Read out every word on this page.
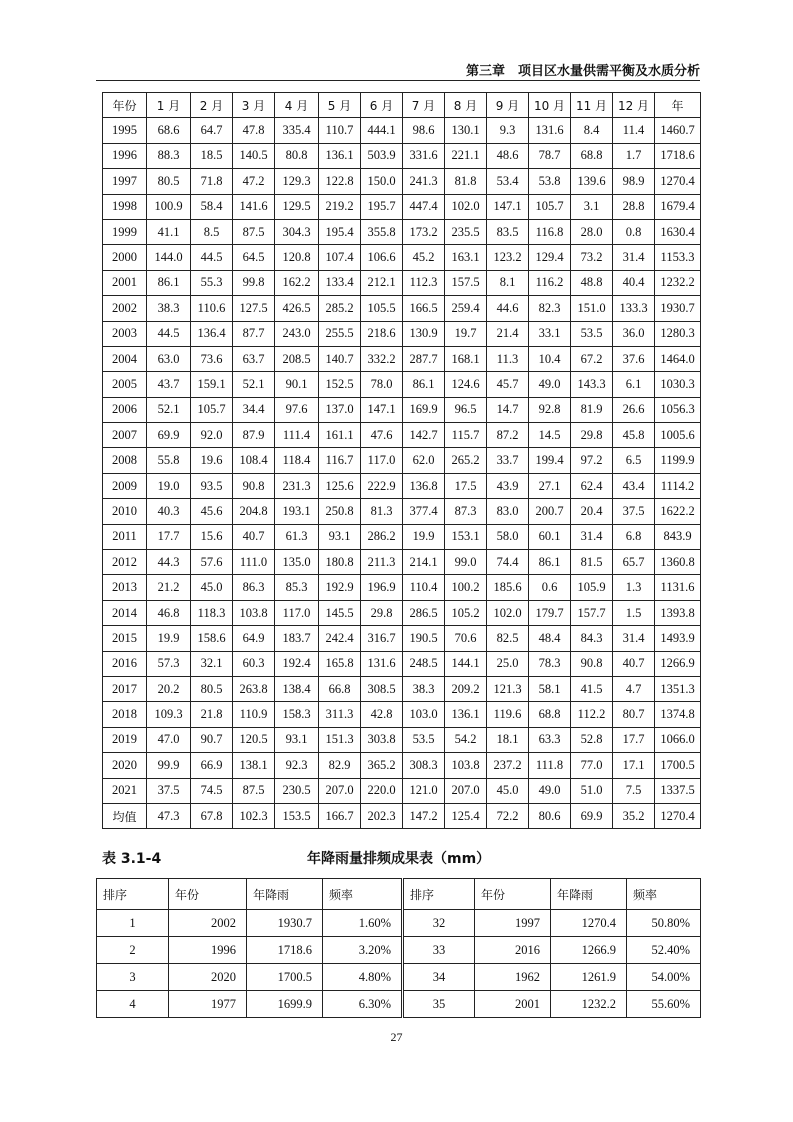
第三章　项目区水量供需平衡及水质分析
年份	1 月	2 月	3 月	4 月	5 月	6 月	7 月	8 月	9 月	10 月	11 月	12 月	年
1995	68.6	64.7	47.8	335.4	110.7	444.1	98.6	130.1	9.3	131.6	8.4	11.4	1460.7
1996	88.3	18.5	140.5	80.8	136.1	503.9	331.6	221.1	48.6	78.7	68.8	1.7	1718.6
1997	80.5	71.8	47.2	129.3	122.8	150.0	241.3	81.8	53.4	53.8	139.6	98.9	1270.4
1998	100.9	58.4	141.6	129.5	219.2	195.7	447.4	102.0	147.1	105.7	3.1	28.8	1679.4
1999	41.1	8.5	87.5	304.3	195.4	355.8	173.2	235.5	83.5	116.8	28.0	0.8	1630.4
2000	144.0	44.5	64.5	120.8	107.4	106.6	45.2	163.1	123.2	129.4	73.2	31.4	1153.3
2001	86.1	55.3	99.8	162.2	133.4	212.1	112.3	157.5	8.1	116.2	48.8	40.4	1232.2
2002	38.3	110.6	127.5	426.5	285.2	105.5	166.5	259.4	44.6	82.3	151.0	133.3	1930.7
2003	44.5	136.4	87.7	243.0	255.5	218.6	130.9	19.7	21.4	33.1	53.5	36.0	1280.3
2004	63.0	73.6	63.7	208.5	140.7	332.2	287.7	168.1	11.3	10.4	67.2	37.6	1464.0
2005	43.7	159.1	52.1	90.1	152.5	78.0	86.1	124.6	45.7	49.0	143.3	6.1	1030.3
2006	52.1	105.7	34.4	97.6	137.0	147.1	169.9	96.5	14.7	92.8	81.9	26.6	1056.3
2007	69.9	92.0	87.9	111.4	161.1	47.6	142.7	115.7	87.2	14.5	29.8	45.8	1005.6
2008	55.8	19.6	108.4	118.4	116.7	117.0	62.0	265.2	33.7	199.4	97.2	6.5	1199.9
2009	19.0	93.5	90.8	231.3	125.6	222.9	136.8	17.5	43.9	27.1	62.4	43.4	1114.2
2010	40.3	45.6	204.8	193.1	250.8	81.3	377.4	87.3	83.0	200.7	20.4	37.5	1622.2
2011	17.7	15.6	40.7	61.3	93.1	286.2	19.9	153.1	58.0	60.1	31.4	6.8	843.9
2012	44.3	57.6	111.0	135.0	180.8	211.3	214.1	99.0	74.4	86.1	81.5	65.7	1360.8
2013	21.2	45.0	86.3	85.3	192.9	196.9	110.4	100.2	185.6	0.6	105.9	1.3	1131.6
2014	46.8	118.3	103.8	117.0	145.5	29.8	286.5	105.2	102.0	179.7	157.7	1.5	1393.8
2015	19.9	158.6	64.9	183.7	242.4	316.7	190.5	70.6	82.5	48.4	84.3	31.4	1493.9
2016	57.3	32.1	60.3	192.4	165.8	131.6	248.5	144.1	25.0	78.3	90.8	40.7	1266.9
2017	20.2	80.5	263.8	138.4	66.8	308.5	38.3	209.2	121.3	58.1	41.5	4.7	1351.3
2018	109.3	21.8	110.9	158.3	311.3	42.8	103.0	136.1	119.6	68.8	112.2	80.7	1374.8
2019	47.0	90.7	120.5	93.1	151.3	303.8	53.5	54.2	18.1	63.3	52.8	17.7	1066.0
2020	99.9	66.9	138.1	92.3	82.9	365.2	308.3	103.8	237.2	111.8	77.0	17.1	1700.5
2021	37.5	74.5	87.5	230.5	207.0	220.0	121.0	207.0	45.0	49.0	51.0	7.5	1337.5
均值	47.3	67.8	102.3	153.5	166.7	202.3	147.2	125.4	72.2	80.6	69.9	35.2	1270.4
表 3.1-4	年降雨量排频成果表（mm）
排序	年份	年降雨	频率	排序	年份	年降雨	频率
1	2002	1930.7	1.60%	32	1997	1270.4	50.80%
2	1996	1718.6	3.20%	33	2016	1266.9	52.40%
3	2020	1700.5	4.80%	34	1962	1261.9	54.00%
4	1977	1699.9	6.30%	35	2001	1232.2	55.60%
27
